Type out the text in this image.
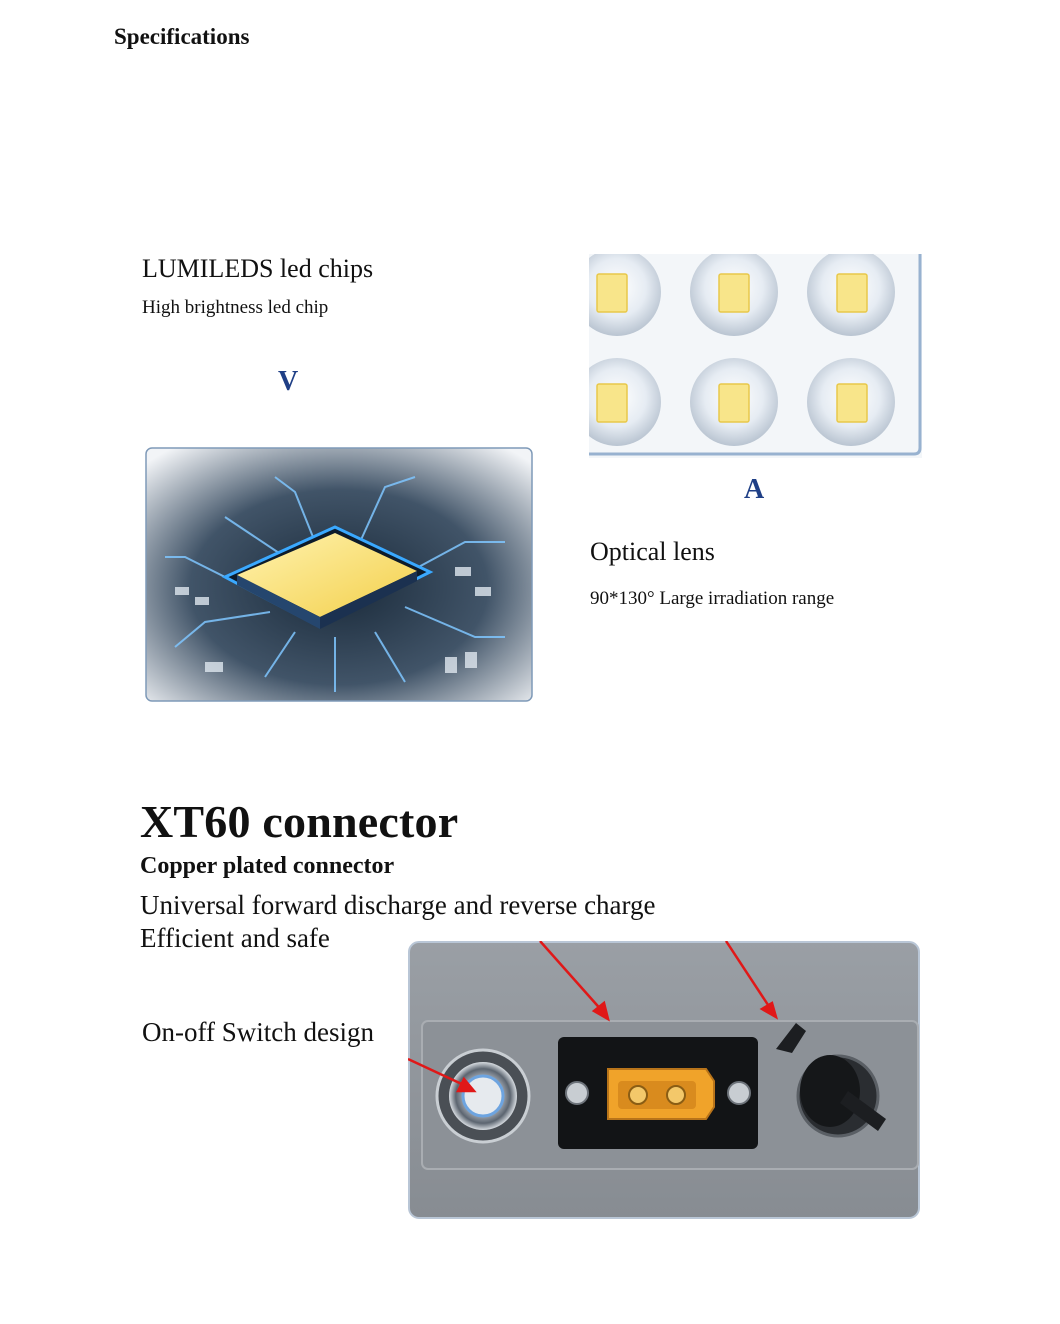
Specifications
LUMILEDS led chips
High brightness led chip
V
A
Optical lens
90*130° Large irradiation range
XT60 connector
Copper plated connector
Universal forward discharge and reverse charge
Efficient and safe
On-off Switch design
